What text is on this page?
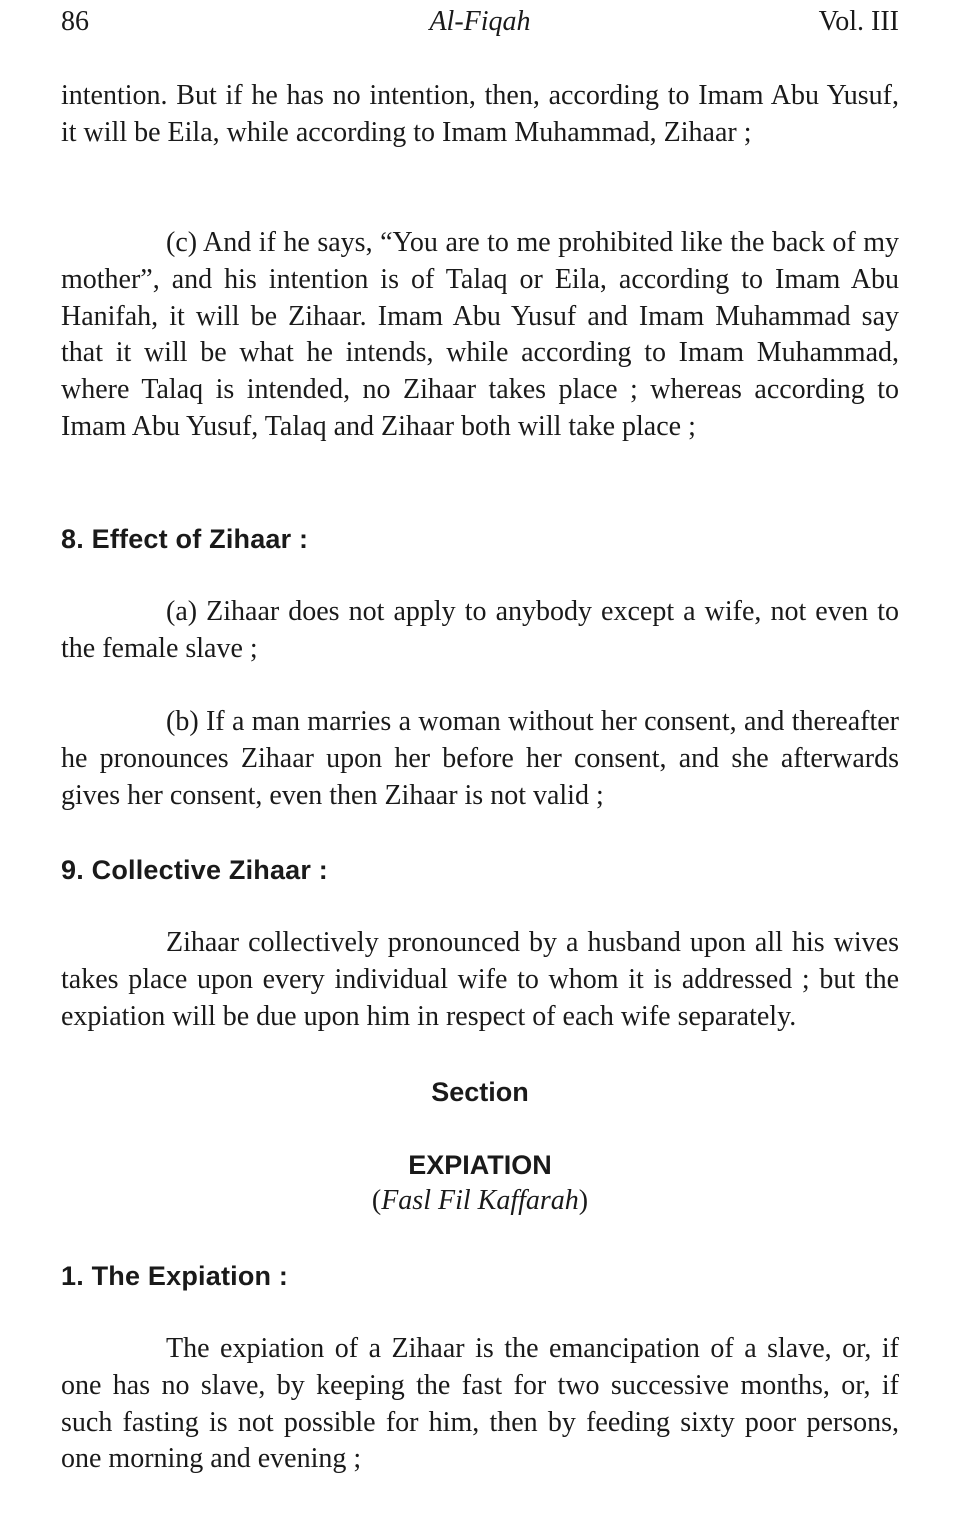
86	Al-Fiqah	Vol. III

intention. But if he has no intention, then, according to Imam Abu Yusuf, it will be Eila, while according to Imam Muhammad, Zihaar ;

(c) And if he says, “You are to me prohibited like the back of my mother”, and his intention is of Talaq or Eila, according to Imam Abu Hanifah, it will be Zihaar. Imam Abu Yusuf and Imam Muhammad say that it will be what he intends, while according to Imam Muhammad, where Talaq is intended, no Zihaar takes place ; whereas according to Imam Abu Yusuf, Talaq and Zihaar both will take place ;

8. Effect of Zihaar :

(a) Zihaar does not apply to anybody except a wife, not even to the female slave ;

(b) If a man marries a woman without her consent, and thereafter he pronounces Zihaar upon her before her consent, and she afterwards gives her consent, even then Zihaar is not valid ;

9. Collective Zihaar :

Zihaar collectively pronounced by a husband upon all his wives takes place upon every individual wife to whom it is addressed ; but the expiation will be due upon him in respect of each wife separately.

Section
EXPIATION
(Fasl Fil Kaffarah)
1. The Expiation :

The expiation of a Zihaar is the emancipation of a slave, or, if one has no slave, by keeping the fast for two successive months, or, if such fasting is not possible for him, then by feeding sixty poor persons, one morning and evening ;
